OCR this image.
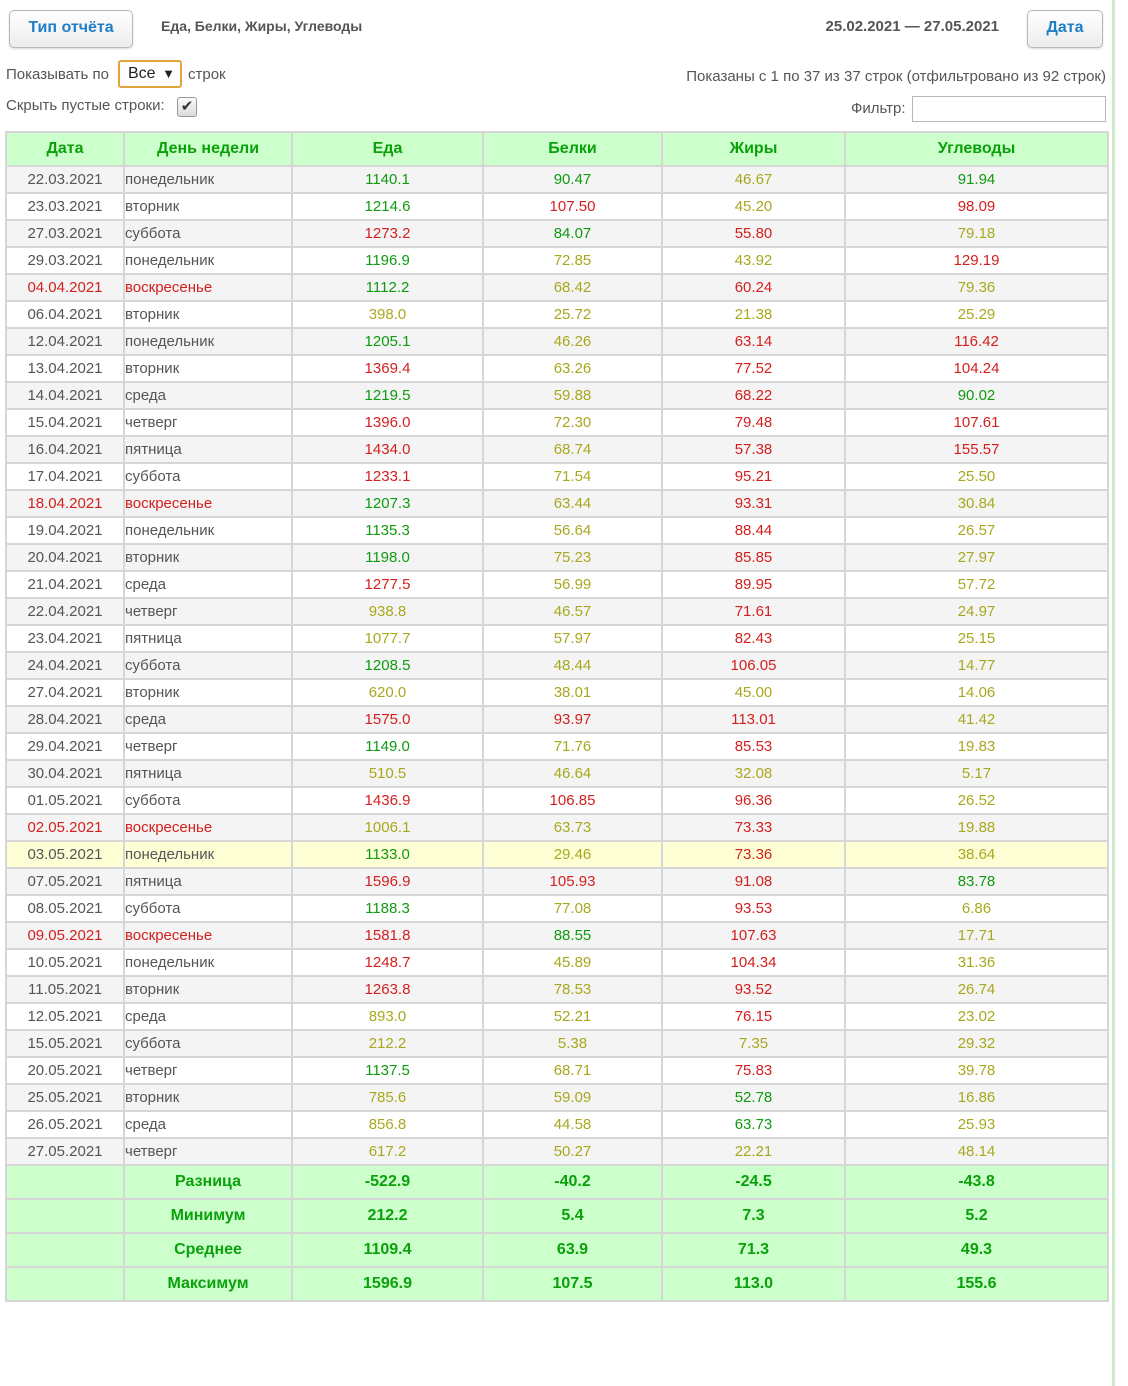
Тип отчёта	Еда, Белки, Жиры, Углеводы	25.02.2021 — 27.05.2021	Дата
Показывать по	Все ▼ строк	Показаны с 1 по 37 из 37 строк (отфильтровано из 92 строк)
Скрыть пустые строки: ✔	Фильтр:
Дата	День недели	Еда	Белки	Жиры	Углеводы
22.03.2021	понедельник	1140.1	90.47	46.67	91.94
23.03.2021	вторник	1214.6	107.50	45.20	98.09
27.03.2021	суббота	1273.2	84.07	55.80	79.18
29.03.2021	понедельник	1196.9	72.85	43.92	129.19
04.04.2021	воскресенье	1112.2	68.42	60.24	79.36
06.04.2021	вторник	398.0	25.72	21.38	25.29
12.04.2021	понедельник	1205.1	46.26	63.14	116.42
13.04.2021	вторник	1369.4	63.26	77.52	104.24
14.04.2021	среда	1219.5	59.88	68.22	90.02
15.04.2021	четверг	1396.0	72.30	79.48	107.61
16.04.2021	пятница	1434.0	68.74	57.38	155.57
17.04.2021	суббота	1233.1	71.54	95.21	25.50
18.04.2021	воскресенье	1207.3	63.44	93.31	30.84
19.04.2021	понедельник	1135.3	56.64	88.44	26.57
20.04.2021	вторник	1198.0	75.23	85.85	27.97
21.04.2021	среда	1277.5	56.99	89.95	57.72
22.04.2021	четверг	938.8	46.57	71.61	24.97
23.04.2021	пятница	1077.7	57.97	82.43	25.15
24.04.2021	суббота	1208.5	48.44	106.05	14.77
27.04.2021	вторник	620.0	38.01	45.00	14.06
28.04.2021	среда	1575.0	93.97	113.01	41.42
29.04.2021	четверг	1149.0	71.76	85.53	19.83
30.04.2021	пятница	510.5	46.64	32.08	5.17
01.05.2021	суббота	1436.9	106.85	96.36	26.52
02.05.2021	воскресенье	1006.1	63.73	73.33	19.88
03.05.2021	понедельник	1133.0	29.46	73.36	38.64
07.05.2021	пятница	1596.9	105.93	91.08	83.78
08.05.2021	суббота	1188.3	77.08	93.53	6.86
09.05.2021	воскресенье	1581.8	88.55	107.63	17.71
10.05.2021	понедельник	1248.7	45.89	104.34	31.36
11.05.2021	вторник	1263.8	78.53	93.52	26.74
12.05.2021	среда	893.0	52.21	76.15	23.02
15.05.2021	суббота	212.2	5.38	7.35	29.32
20.05.2021	четверг	1137.5	68.71	75.83	39.78
25.05.2021	вторник	785.6	59.09	52.78	16.86
26.05.2021	среда	856.8	44.58	63.73	25.93
27.05.2021	четверг	617.2	50.27	22.21	48.14
	Разница	-522.9	-40.2	-24.5	-43.8
	Минимум	212.2	5.4	7.3	5.2
	Среднее	1109.4	63.9	71.3	49.3
	Максимум	1596.9	107.5	113.0	155.6
